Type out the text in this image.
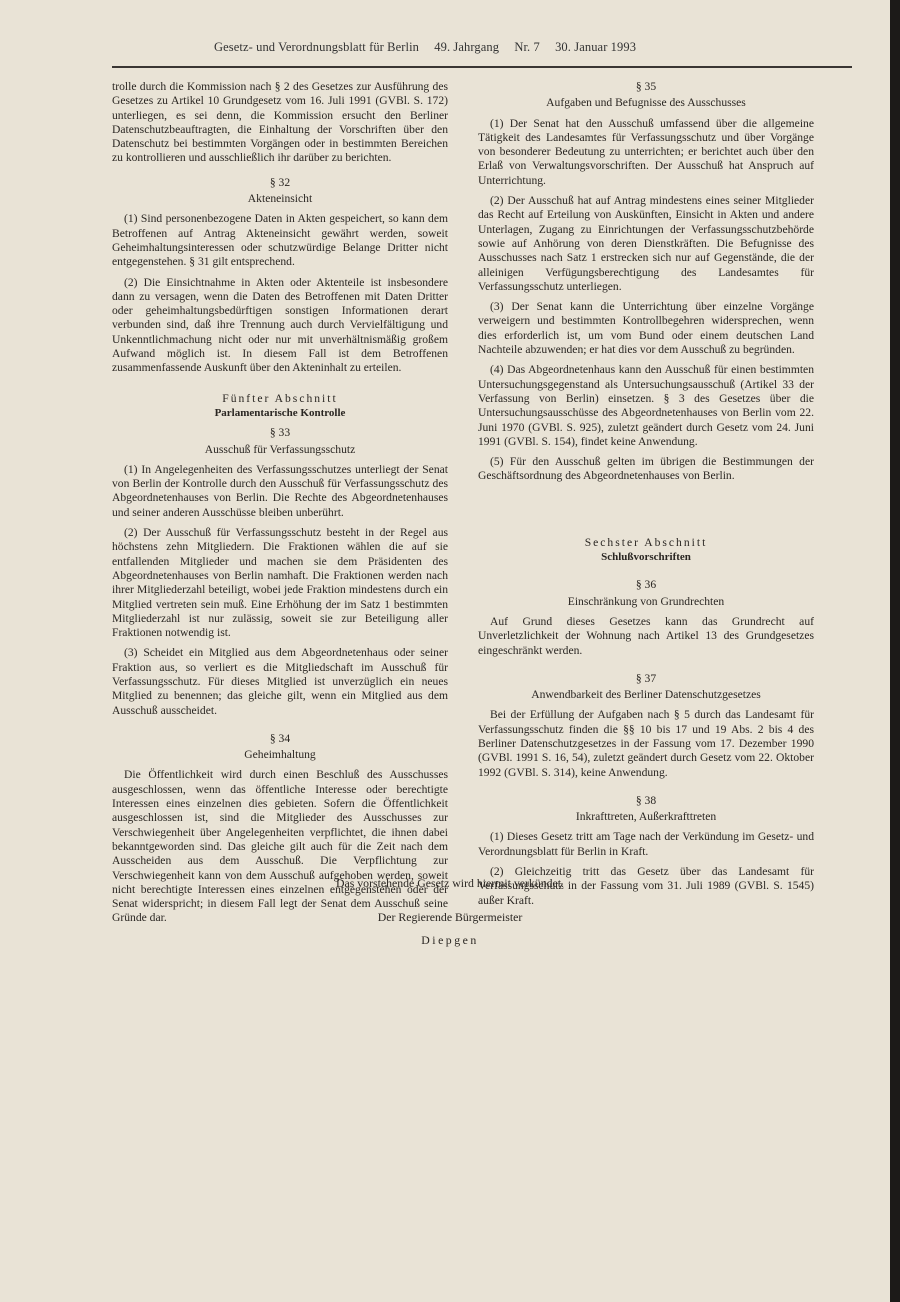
Gesetz- und Verordnungsblatt für Berlin 49. Jahrgang Nr. 7 30. Januar 1993

trolle durch die Kommission nach § 2 des Gesetzes zur Ausführung des Gesetzes zu Artikel 10 Grundgesetz vom 16. Juli 1991 (GVBl. S. 172) unterliegen, es sei denn, die Kommission ersucht den Berliner Datenschutzbeauftragten, die Einhaltung der Vorschriften über den Datenschutz bei bestimmten Vorgängen oder in bestimmten Bereichen zu kontrollieren und ausschließlich ihr darüber zu berichten.

§ 32
Akteneinsicht

(1) Sind personenbezogene Daten in Akten gespeichert, so kann dem Betroffenen auf Antrag Akteneinsicht gewährt werden, soweit Geheimhaltungsinteressen oder schutzwürdige Belange Dritter nicht entgegenstehen. § 31 gilt entsprechend.

(2) Die Einsichtnahme in Akten oder Aktenteile ist insbesondere dann zu versagen, wenn die Daten des Betroffenen mit Daten Dritter oder geheimhaltungsbedürftigen sonstigen Informationen derart verbunden sind, daß ihre Trennung auch durch Vervielfältigung und Unkenntlichmachung nicht oder nur mit unverhältnismäßig großem Aufwand möglich ist. In diesem Fall ist dem Betroffenen zusammenfassende Auskunft über den Akteninhalt zu erteilen.

Fünfter Abschnitt
Parlamentarische Kontrolle
§ 33
Ausschuß für Verfassungsschutz

(1) In Angelegenheiten des Verfassungsschutzes unterliegt der Senat von Berlin der Kontrolle durch den Ausschuß für Verfassungsschutz des Abgeordnetenhauses von Berlin. Die Rechte des Abgeordnetenhauses und seiner anderen Ausschüsse bleiben unberührt.

(2) Der Ausschuß für Verfassungsschutz besteht in der Regel aus höchstens zehn Mitgliedern. Die Fraktionen wählen die auf sie entfallenden Mitglieder und machen sie dem Präsidenten des Abgeordnetenhauses von Berlin namhaft. Die Fraktionen werden nach ihrer Mitgliederzahl beteiligt, wobei jede Fraktion mindestens durch ein Mitglied vertreten sein muß. Eine Erhöhung der im Satz 1 bestimmten Mitgliederzahl ist nur zulässig, soweit sie zur Beteiligung aller Fraktionen notwendig ist.

(3) Scheidet ein Mitglied aus dem Abgeordnetenhaus oder seiner Fraktion aus, so verliert es die Mitgliedschaft im Ausschuß für Verfassungsschutz. Für dieses Mitglied ist unverzüglich ein neues Mitglied zu benennen; das gleiche gilt, wenn ein Mitglied aus dem Ausschuß ausscheidet.

§ 34
Geheimhaltung

Die Öffentlichkeit wird durch einen Beschluß des Ausschusses ausgeschlossen, wenn das öffentliche Interesse oder berechtigte Interessen eines einzelnen dies gebieten. Sofern die Öffentlichkeit ausgeschlossen ist, sind die Mitglieder des Ausschusses zur Verschwiegenheit über Angelegenheiten verpflichtet, die ihnen dabei bekanntgeworden sind. Das gleiche gilt auch für die Zeit nach dem Ausscheiden aus dem Ausschuß. Die Verpflichtung zur Verschwiegenheit kann von dem Ausschuß aufgehoben werden, soweit nicht berechtigte Interessen eines einzelnen entgegenstehen oder der Senat widerspricht; in diesem Fall legt der Senat dem Ausschuß seine Gründe dar.

§ 35
Aufgaben und Befugnisse des Ausschusses

(1) Der Senat hat den Ausschuß umfassend über die allgemeine Tätigkeit des Landesamtes für Verfassungsschutz und über Vorgänge von besonderer Bedeutung zu unterrichten; er berichtet auch über den Erlaß von Verwaltungsvorschriften. Der Ausschuß hat Anspruch auf Unterrichtung.

(2) Der Ausschuß hat auf Antrag mindestens eines seiner Mitglieder das Recht auf Erteilung von Auskünften, Einsicht in Akten und andere Unterlagen, Zugang zu Einrichtungen der Verfassungsschutzbehörde sowie auf Anhörung von deren Dienstkräften. Die Befugnisse des Ausschusses nach Satz 1 erstrecken sich nur auf Gegenstände, die der alleinigen Verfügungsberechtigung des Landesamtes für Verfassungsschutz unterliegen.

(3) Der Senat kann die Unterrichtung über einzelne Vorgänge verweigern und bestimmten Kontrollbegehren widersprechen, wenn dies erforderlich ist, um vom Bund oder einem deutschen Land Nachteile abzuwenden; er hat dies vor dem Ausschuß zu begründen.

(4) Das Abgeordnetenhaus kann den Ausschuß für einen bestimmten Untersuchungsgegenstand als Untersuchungsausschuß (Artikel 33 der Verfassung von Berlin) einsetzen. § 3 des Gesetzes über die Untersuchungsausschüsse des Abgeordnetenhauses von Berlin vom 22. Juni 1970 (GVBl. S. 925), zuletzt geändert durch Gesetz vom 24. Juni 1991 (GVBl. S. 154), findet keine Anwendung.

(5) Für den Ausschuß gelten im übrigen die Bestimmungen der Geschäftsordnung des Abgeordnetenhauses von Berlin.

Sechster Abschnitt
Schlußvorschriften
§ 36
Einschränkung von Grundrechten

Auf Grund dieses Gesetzes kann das Grundrecht auf Unverletzlichkeit der Wohnung nach Artikel 13 des Grundgesetzes eingeschränkt werden.

§ 37
Anwendbarkeit des Berliner Datenschutzgesetzes

Bei der Erfüllung der Aufgaben nach § 5 durch das Landesamt für Verfassungsschutz finden die §§ 10 bis 17 und 19 Abs. 2 bis 4 des Berliner Datenschutzgesetzes in der Fassung vom 17. Dezember 1990 (GVBl. 1991 S. 16, 54), zuletzt geändert durch Gesetz vom 22. Oktober 1992 (GVBl. S. 314), keine Anwendung.

§ 38
Inkrafttreten, Außerkrafttreten

(1) Dieses Gesetz tritt am Tage nach der Verkündung im Gesetz- und Verordnungsblatt für Berlin in Kraft.

(2) Gleichzeitig tritt das Gesetz über das Landesamt für Verfassungsschutz in der Fassung vom 31. Juli 1989 (GVBl. S. 1545) außer Kraft.

Das vorstehende Gesetz wird hiermit verkündet.
Der Regierende Bürgermeister
Diepgen
